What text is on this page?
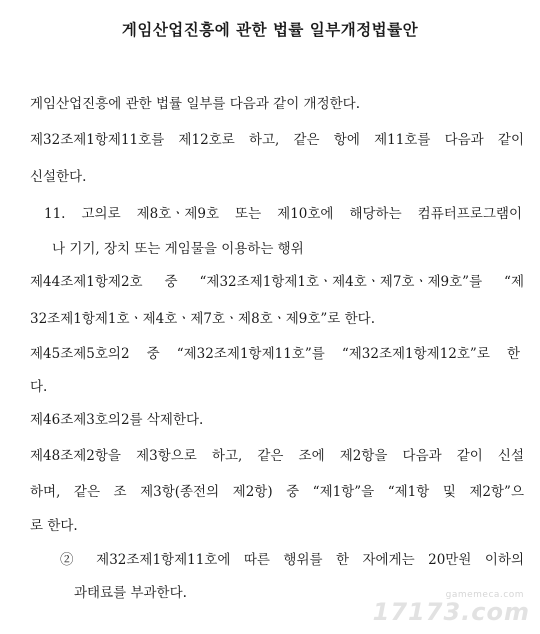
게임산업진흥에 관한 법률 일부개정법률안
게임산업진흥에 관한 법률 일부를 다음과 같이 개정한다.
제32조제1항제11호를 제12호로 하고, 같은 항에 제11호를 다음과 같이
신설한다.
11. 고의로 제8호ㆍ제9호 또는 제10호에 해당하는 컴퓨터프로그램이
나 기기, 장치 또는 게임물을 이용하는 행위
제44조제1항제2호 중 “제32조제1항제1호ㆍ제4호ㆍ제7호ㆍ제9호”를 “제
32조제1항제1호ㆍ제4호ㆍ제7호ㆍ제8호ㆍ제9호”로 한다.
제45조제5호의2 중 “제32조제1항제11호”를 “제32조제1항제12호”로 한
다.
제46조제3호의2를 삭제한다.
제48조제2항을 제3항으로 하고, 같은 조에 제2항을 다음과 같이 신설
하며, 같은 조 제3항(종전의 제2항) 중 “제1항”을 “제1항 및 제2항”으
로 한다.
② 제32조제1항제11호에 따른 행위를 한 자에게는 20만원 이하의
과태료를 부과한다.	gamemeca.com
17173.com
